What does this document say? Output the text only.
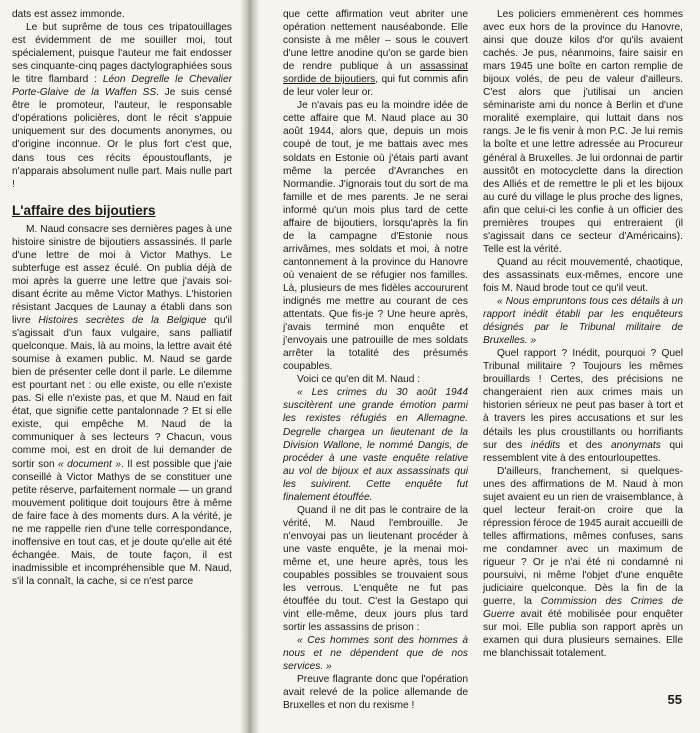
dats est assez immonde.

Le but suprême de tous ces tripatouillages est évidemment de me souiller moi, tout spécialement, puisque l'auteur me fait endosser ses cinquante-cinq pages dactylographiées sous le titre flambard : Léon Degrelle le Chevalier Porte-Glaive de la Waffen SS. Je suis censé être le promoteur, l'auteur, le responsable d'opérations policières, dont le récit s'appuie uniquement sur des documents anonymes, ou d'origine inconnue. Or le plus fort c'est que, dans tous ces récits époustouflants, je n'apparais absolument nulle part. Mais nulle part !

L'affaire des bijoutiers

M. Naud consacre ses dernières pages à une histoire sinistre de bijoutiers assassinés. Il parle d'une lettre de moi à Victor Mathys. Le subterfuge est assez éculé. On publia déjà de moi après la guerre une lettre que j'avais soi-disant écrite au même Victor Mathys. L'historien résistant Jacques de Launay a établi dans son livre Histoires secrètes de la Belgique qu'il s'agissait d'un faux vulgaire, sans palliatif quelconque. Mais, là au moins, la lettre avait été soumise à examen public. M. Naud se garde bien de présenter celle dont il parle. Le dilemme est pourtant net : ou elle existe, ou elle n'existe pas. Si elle n'existe pas, et que M. Naud en fait état, que signifie cette pantalonnade ? Et si elle existe, qui empêche M. Naud de la communiquer à ses lecteurs ? Chacun, vous comme moi, est en droit de lui demander de sortir son « document ». Il est possible que j'aie conseillé à Victor Mathys de se constituer une petite réserve, parfaitement normale — un grand mouvement politique doit toujours être à même de faire face à des moments durs. A la vérité, je ne me rappelle rien d'une telle correspondance, inoffensive en tout cas, et je doute qu'elle ait été échangée. Mais, de toute façon, il est inadmissible et incompréhensible que M. Naud, s'il la connaît, la cache, si ce n'est parce

que cette affirmation veut abriter une opération nettement nauséabonde. Elle consiste à me mêler – sous le couvert d'une lettre anodine qu'on se garde bien de rendre publique à un assassinat sordide de bijoutiers, qui fut commis afin de leur voler leur or.

Je n'avais pas eu la moindre idée de cette affaire que M. Naud place au 30 août 1944, alors que, depuis un mois coupé de tout, je me battais avec mes soldats en Estonie où j'étais parti avant même la percée d'Avranches en Normandie. J'ignorais tout du sort de ma famille et de mes parents. Je ne serai informé qu'un mois plus tard de cette affaire de bijoutiers, lorsqu'après la fin de la campagne d'Estonie nous arrivâmes, mes soldats et moi, à notre cantonnement à la province du Hanovre où venaient de se réfugier nos familles. Là, plusieurs de mes fidèles accoururent indignés me mettre au courant de ces attentats. Que fis-je ? Une heure après, j'avais terminé mon enquête et j'envoyais une patrouille de mes soldats arrêter la totalité des présumés coupables.

Voici ce qu'en dit M. Naud :

« Les crimes du 30 août 1944 suscitèrent une grande émotion parmi les rexistes réfugiés en Allemagne. Degrelle chargea un lieutenant de la Division Wallone, le nommé Dangis, de procéder à une vaste enquête relative au vol de bijoux et aux assassinats qui les suivirent. Cette enquête fut finalement étouffée.

Quand il ne dit pas le contraire de la vérité, M. Naud l'embrouille. Je n'envoyai pas un lieutenant procéder à une vaste enquête, je la menai moi-même et, une heure après, tous les coupables possibles se trouvaient sous les verrous. L'enquête ne fut pas étouffée du tout. C'est la Gestapo qui vint elle-même, deux jours plus tard sortir les assassins de prison :

« Ces hommes sont des hommes à nous et ne dépendent que de nos services. »

Preuve flagrante donc que l'opération avait relevé de la police allemande de Bruxelles et non du rexisme !

Les policiers emmenèrent ces hommes avec eux hors de la province du Hanovre, ainsi que douze kilos d'or qu'ils avaient cachés. Je pus, néanmoins, faire saisir en mars 1945 une boîte en carton remplie de bijoux volés, de peu de valeur d'ailleurs. C'est alors que j'utilisai un ancien séminariste ami du nonce à Berlin et d'une moralité exemplaire, qui luttait dans nos rangs. Je le fis venir à mon P.C. Je lui remis la boîte et une lettre adressée au Procureur général à Bruxelles. Je lui ordonnai de partir aussitôt en motocyclette dans la direction des Alliés et de remettre le pli et les bijoux au curé du village le plus proche des lignes, afin que celui-ci les confie à un officier des premières troupes qui entreraient (il s'agissait dans ce secteur d'Américains). Telle est la vérité.

Quand au récit mouvementé, chaotique, des assassinats eux-mêmes, encore une fois M. Naud brode tout ce qu'il veut.

« Nous empruntons tous ces détails à un rapport inédit établi par les enquêteurs désignés par le Tribunal militaire de Bruxelles. »

Quel rapport ? Inédit, pourquoi ? Quel Tribunal militaire ? Toujours les mêmes brouillards ! Certes, des précisions ne changeraient rien aux crimes mais un historien sérieux ne peut pas baser à tort et à travers les pires accusations et sur les détails les plus croustillants ou horrifiants sur des inédits et des anonymats qui ressemblent vite à des entourloupettes.

D'ailleurs, franchement, si quelques-unes des affirmations de M. Naud à mon sujet avaient eu un rien de vraisemblance, à quel lecteur ferait-on croire que la répression féroce de 1945 aurait accueilli de telles affirmations, mêmes confuses, sans me condamner avec un maximum de rigueur ? Or je n'ai été ni condamné ni poursuivi, ni même l'objet d'une enquête judiciaire quelconque. Dès la fin de la guerre, la Commission des Crimes de Guerre avait été mobilisée pour enquêter sur moi. Elle publia son rapport après un examen qui dura plusieurs semaines. Elle me blanchissait totalement.

55
